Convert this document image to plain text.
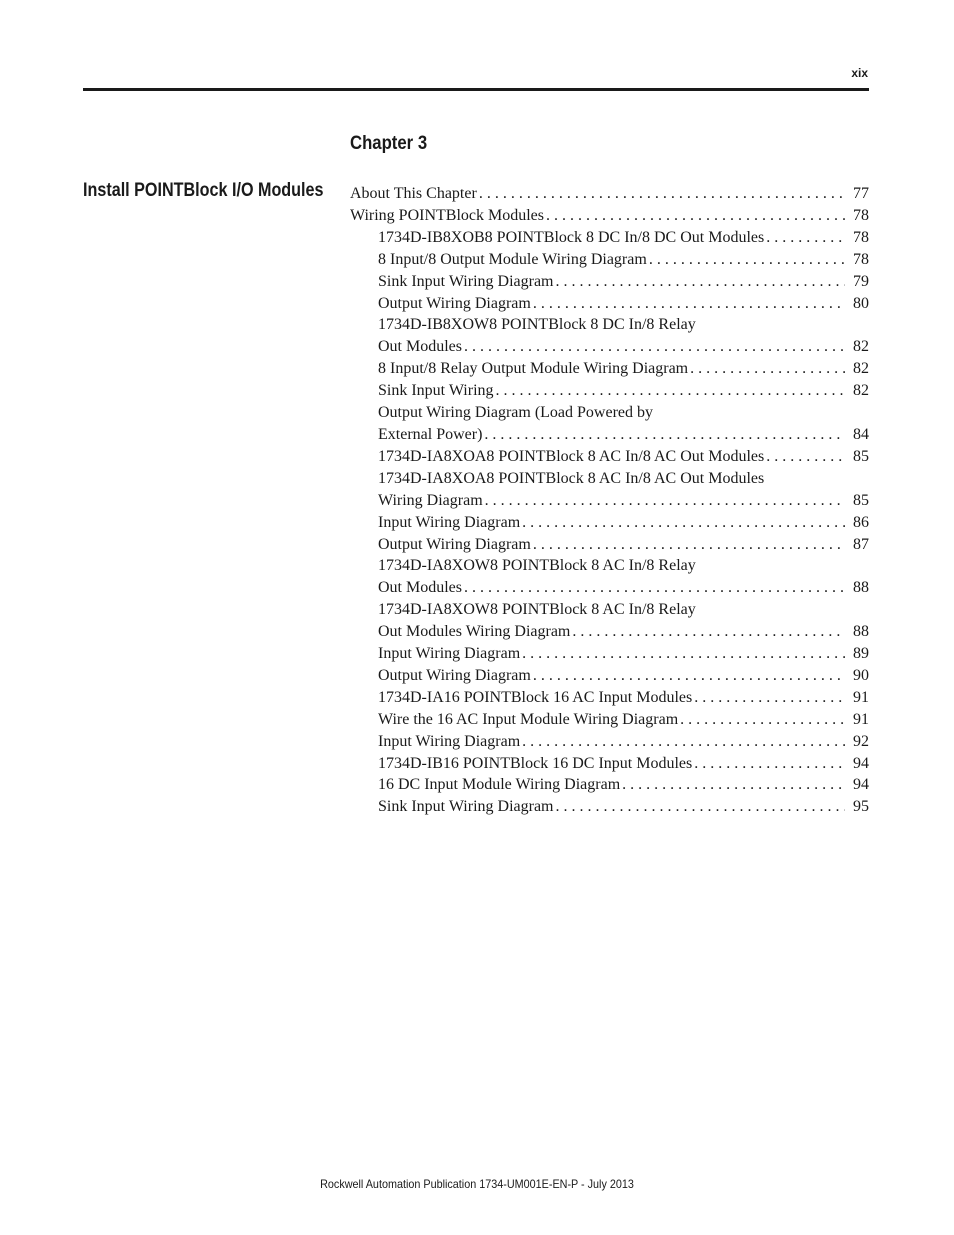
xix
Chapter 3
Install POINTBlock I/O Modules About This Chapter . . .	77
Wiring POINTBlock Modules . . .	78
1734D-IB8XOB8 POINTBlock 8 DC In/8 DC Out Modules . . .	78
8 Input/8 Output Module Wiring Diagram . . .	78
Sink Input Wiring Diagram . . .	79
Output Wiring Diagram . . .	80
1734D-IB8XOW8 POINTBlock 8 DC In/8 Relay
Out Modules . . .	82
8 Input/8 Relay Output Module Wiring Diagram . . .	82
Sink Input Wiring . . .	82
Output Wiring Diagram (Load Powered by
External Power) . . .	84
1734D-IA8XOA8 POINTBlock 8 AC In/8 AC Out Modules . . .	85
1734D-IA8XOA8 POINTBlock 8 AC In/8 AC Out Modules
Wiring Diagram . . .	85
Input Wiring Diagram . . .	86
Output Wiring Diagram . . .	87
1734D-IA8XOW8 POINTBlock 8 AC In/8 Relay
Out Modules . . .	88
1734D-IA8XOW8 POINTBlock 8 AC In/8 Relay
Out Modules Wiring Diagram . . .	88
Input Wiring Diagram . . .	89
Output Wiring Diagram . . .	90
1734D-IA16 POINTBlock 16 AC Input Modules . . .	91
Wire the 16 AC Input Module Wiring Diagram . . .	91
Input Wiring Diagram . . .	92
1734D-IB16 POINTBlock 16 DC Input Modules . . .	94
16 DC Input Module Wiring Diagram . . .	94
Sink Input Wiring Diagram . . .	95
Rockwell Automation Publication 1734-UM001E-EN-P - July 2013
